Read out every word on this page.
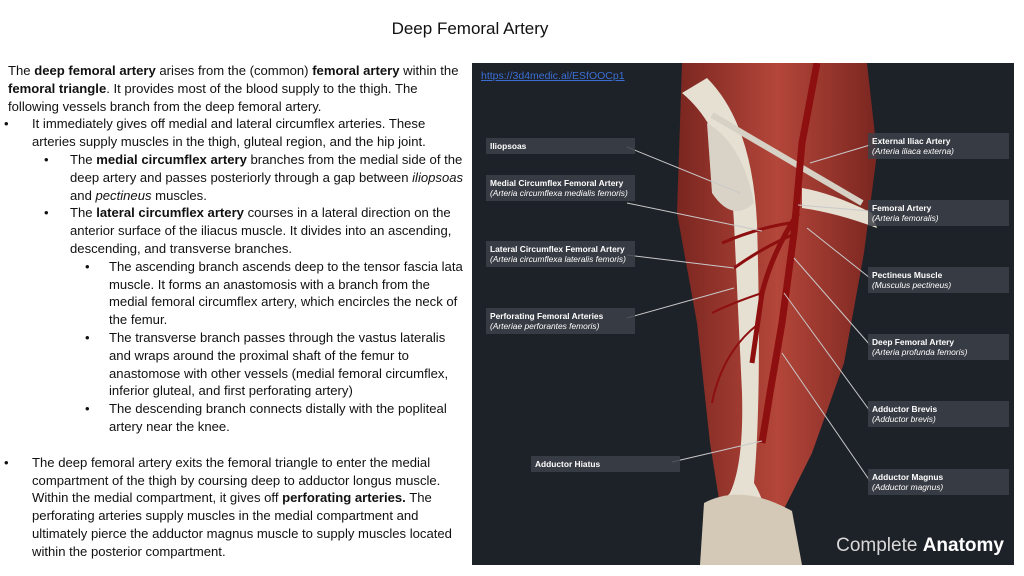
Deep Femoral Artery

The deep femoral artery arises from the (common) femoral artery within the femoral triangle. It provides most of the blood supply to the thigh. The following vessels branch from the deep femoral artery.

• It immediately gives off medial and lateral circumflex arteries. These arteries supply muscles in the thigh, gluteal region, and the hip joint.

• The medial circumflex artery branches from the medial side of the deep artery and passes posteriorly through a gap between iliopsoas and pectineus muscles.

• The lateral circumflex artery courses in a lateral direction on the anterior surface of the iliacus muscle. It divides into an ascending, descending, and transverse branches.

• The ascending branch ascends deep to the tensor fascia lata muscle. It forms an anastomosis with a branch from the medial femoral circumflex artery, which encircles the neck of the femur.

• The transverse branch passes through the vastus lateralis and wraps around the proximal shaft of the femur to anastomose with other vessels (medial femoral circumflex, inferior gluteal, and first perforating artery)

• The descending branch connects distally with the popliteal artery near the knee.

• The deep femoral artery exits the femoral triangle to enter the medial compartment of the thigh by coursing deep to adductor longus muscle. Within the medial compartment, it gives off perforating arteries. The perforating arteries supply muscles in the medial compartment and ultimately pierce the adductor magnus muscle to supply muscles located within the posterior compartment.

https://3d4medic.al/ESfOOCp1
Iliopsoas
Medial Circumflex Femoral Artery
(Arteria circumflexa medialis femoris)
Lateral Circumflex Femoral Artery
(Arteria circumflexa lateralis femoris)
Perforating Femoral Arteries
(Arteriae perforantes femoris)
Adductor Hiatus
External Iliac Artery
(Arteria iliaca externa)
Femoral Artery
(Arteria femoralis)
Pectineus Muscle
(Musculus pectineus)
Deep Femoral Artery
(Arteria profunda femoris)
Adductor Brevis
(Adductor brevis)
Adductor Magnus
(Adductor magnus)
Complete Anatomy
